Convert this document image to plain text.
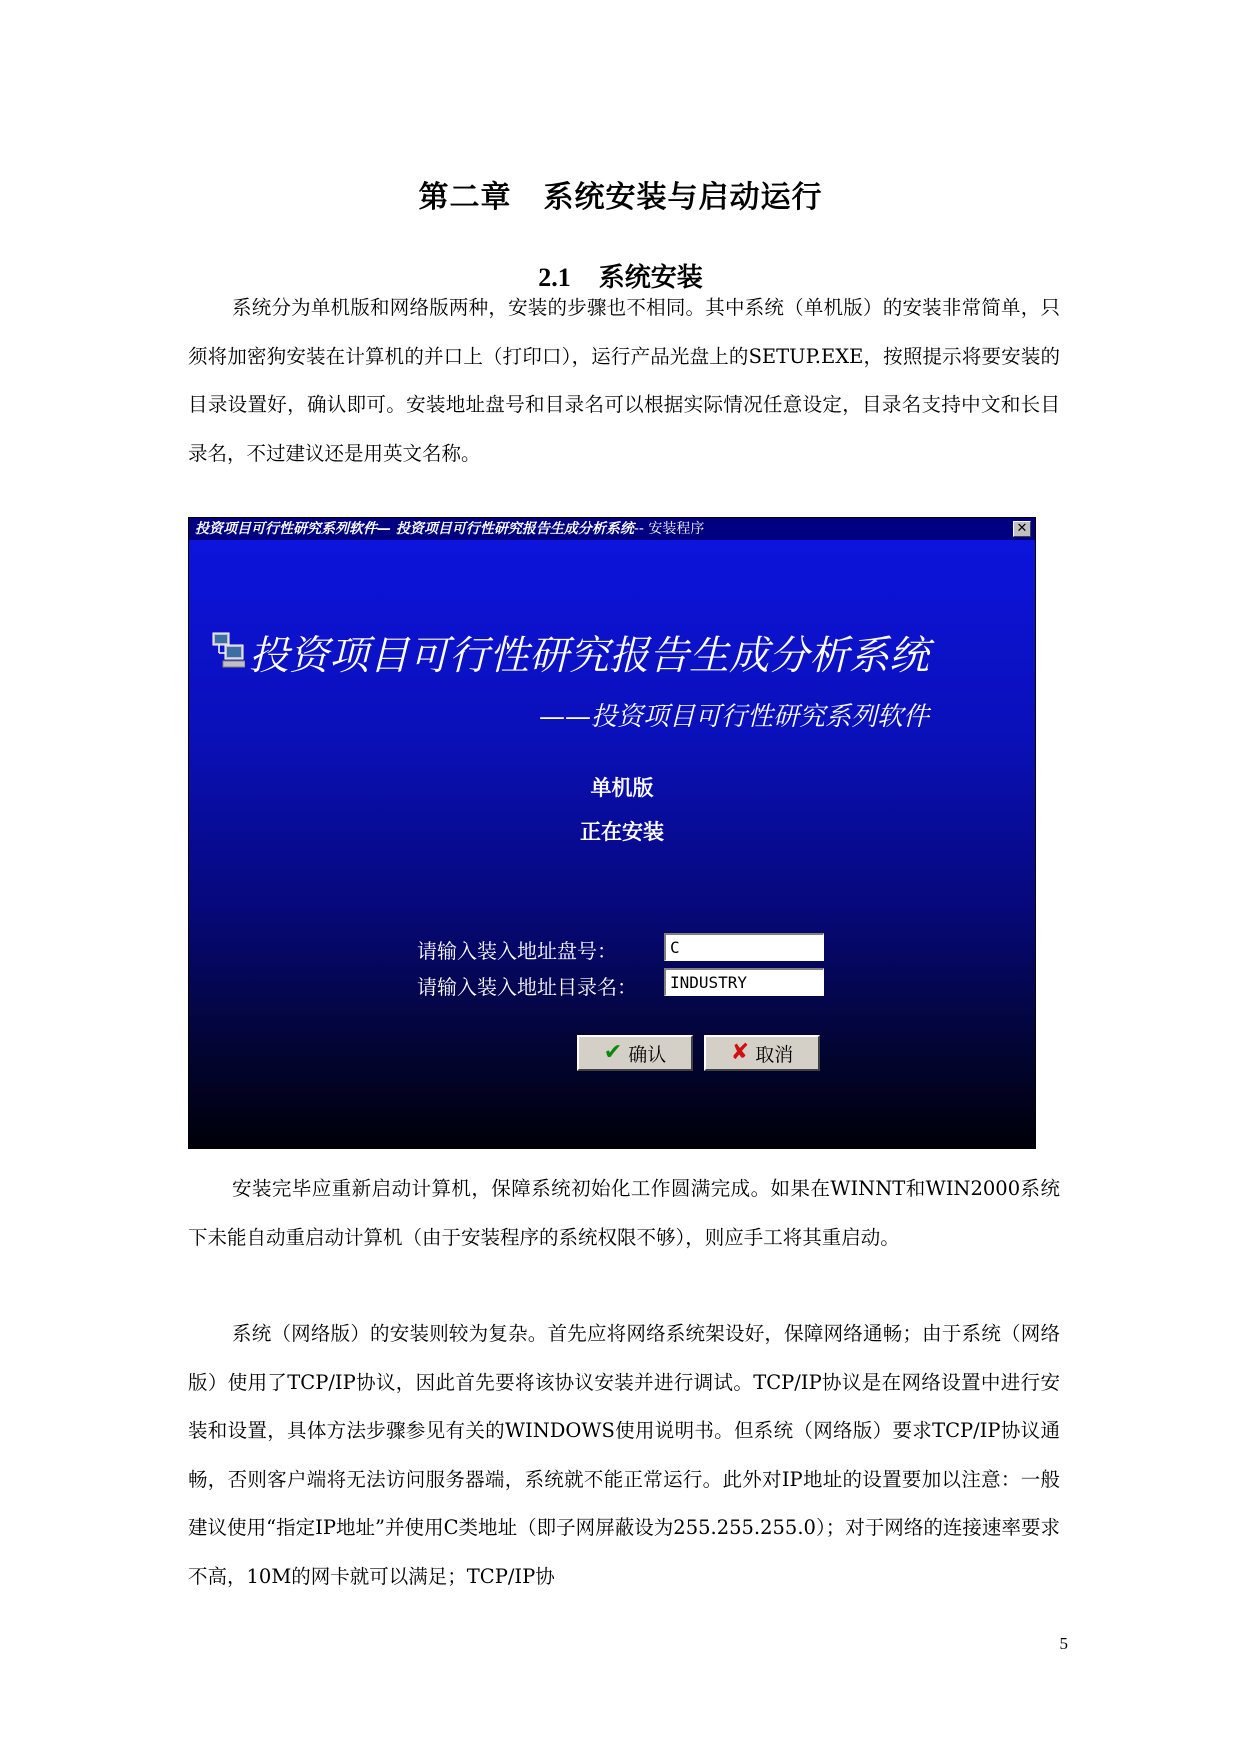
第二章 系统安装与启动运行
2.1 系统安装

系统分为单机版和网络版两种，安装的步骤也不相同。其中系统（单机版）的安装非常简单，只须将加密狗安装在计算机的并口上（打印口），运行产品光盘上的SETUP.EXE，按照提示将要安装的目录设置好，确认即可。安装地址盘号和目录名可以根据实际情况任意设定，目录名支持中文和长目录名，不过建议还是用英文名称。

投资项目可行性研究系列软件— 投资项目可行性研究报告生成分析系统-- 安装程序	✕
投资项目可行性研究报告生成分析系统
——投资项目可行性研究系列软件
单机版
正在安装
请输入装入地址盘号：
C
请输入装入地址目录名：
INDUSTRY
✔ 确认	✘ 取消

安装完毕应重新启动计算机，保障系统初始化工作圆满完成。如果在WINNT和WIN2000系统下未能自动重启动计算机（由于安装程序的系统权限不够），则应手工将其重启动。

系统（网络版）的安装则较为复杂。首先应将网络系统架设好，保障网络通畅；由于系统（网络版）使用了TCP/IP协议，因此首先要将该协议安装并进行调试。TCP/IP协议是在网络设置中进行安装和设置，具体方法步骤参见有关的WINDOWS使用说明书。但系统（网络版）要求TCP/IP协议通畅，否则客户端将无法访问服务器端，系统就不能正常运行。此外对IP地址的设置要加以注意：一般建议使用“指定IP地址”并使用C类地址（即子网屏蔽设为255.255.255.0）；对于网络的连接速率要求不高，10M的网卡就可以满足；TCP/IP协

5
